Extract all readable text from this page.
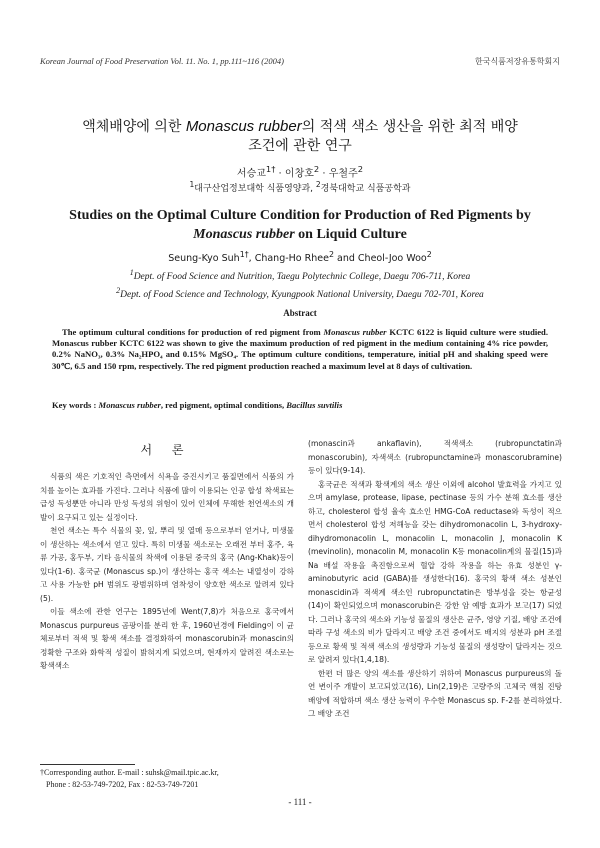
Korean Journal of Food Preservation Vol. 11. No. 1, pp.111~116 (2004)	한국식품저장유통학회지
액체배양에 의한 Monascus rubber의 적색 색소 생산을 위한 최적 배양
조건에 관한 연구
서승교$^{1\dagger}$ · 이창호$^2$ · 우철주$^2$
$^1$대구산업정보대학 식품영양과, $^2$경북대학교 식품공학과
Studies on the Optimal Culture Condition for Production of Red Pigments by
Monascus rubber on Liquid Culture
Seung-Kyo Suh$^{1\dagger}$, Chang-Ho Rhee$^2$ and Cheol-Joo Woo$^2$
$^1$Dept. of Food Science and Nutrition, Taegu Polytechnic College, Daegu 706-711, Korea
$^2$Dept. of Food Science and Technology, Kyungpook National University, Daegu 702-701, Korea
Abstract
The optimum cultural conditions for production of red pigment from Monascus rubber KCTC 6122 is liquid culture were studied. Monascus rubber KCTC 6122 was shown to give the maximum production of red pigment in the medium containing 4% rice powder, 0.2% NaNO₃, 0.3% Na₂HPO₄ and 0.15% MgSO₄. The optimum culture conditions, temperature, initial pH and shaking speed were 30℃, 6.5 and 150 rpm, respectively. The red pigment production reached a maximum level at 8 days of cultivation.
Key words : Monascus rubber, red pigment, optimal conditions, Bacillus suvtilis
서 론

식품의 색은 기호적인 측면에서 식욕을 증진시키고 품질면에서 식품의 가치를 높이는 효과를 가진다. 그러나 식품에 많이 이용되는 인공 합성 착색료는 급성 독성뿐만 아니라 만성 독성의 위험이 있어 인체에 무해한 천연색소의 개발이 요구되고 있는 실정이다.

천연 색소는 특수 식물의 꽃, 잎, 뿌리 및 열매 등으로부터 얻거나, 미생물이 생산하는 색소에서 얻고 있다. 특히 미생물 색소로는 오래전 부터 홍주, 육류 가공, 홍두부, 기타 음식물의 착색에 이용된 중국의 홍국 (Ang-Khak)등이 있다(1-6). 홍국균 (Monascus sp.)이 생산하는 홍국 색소는 내열성이 강하고 사용 가능한 pH 범위도 광범위하며 염착성이 양호한 색소로 알려져 있다(5).

이들 색소에 관한 연구는 1895년에 Went(7,8)가 처음으로 홍국에서 Monascus purpureus 곰팡이를 분리 한 후, 1960년경에 Fielding이 이 균체로부터 적색 및 황색 색소를 결정화하여 monascorubin과 monascin의 정확한 구조와 화학적 성질이 밝혀지게 되었으며, 현재까지 알려진 색소로는 황색색소

(monascin과 ankaflavin), 적색색소 (rubropunctatin과 monascorubin), 자색색소 (rubropunctamine과 monascorubramine)등이 있다(9-14).

홍국균은 적색과 황색계의 색소 생산 이외에 alcohol 발효력을 가지고 있으며 amylase, protease, lipase, pectinase 등의 가수 분해 효소를 생산하고, cholesterol 합성 율속 효소인 HMG-CoA reductase와 독성이 적으면서 cholesterol 합성 저해능을 갖는 dihydromonacolin L, 3-hydroxy-dihydromonacolin L, monacolin L, monacolin J, monacolin K (mevinolin), monacolin M, monacolin K등 monacolin계의 물질(15)과 Na 배설 작용을 촉진함으로써 혈압 강하 작용을 하는 유효 성분인 γ-aminobutyric acid (GABA)를 생성한다(16). 홍국의 황색 색소 성분인 monascidin과 적색계 색소인 rubropunctatin은 방부성을 갖는 항균성(14)이 확인되었으며 monascorubin은 강한 암 예방 효과가 보고(17) 되었다. 그러나 홍국의 색소와 기능성 물질의 생산은 균주, 영양 기질, 배양 조건에 따라 구성 색소의 비가 달라지고 배양 조건 중에서도 배지의 성분과 pH 조절 등으로 황색 및 적색 색소의 생성량과 기능성 물질의 생성량이 달라지는 것으로 알려져 있다(1,4,18).

한편 더 많은 양의 색소를 생산하기 위하여 Monascus purpureus의 돌연 변이주 개발이 보고되었고(16), Lin(2,19)은 고량주의 고체국 액침 진탕 배양에 적합하며 색소 생산 능력이 우수한 Monascus sp. F-2를 분리하였다. 그 배양 조건

†Corresponding author. E-mail : suhsk@mail.tpic.ac.kr,
Phone : 82-53-749-7202, Fax : 82-53-749-7201
- 111 -
